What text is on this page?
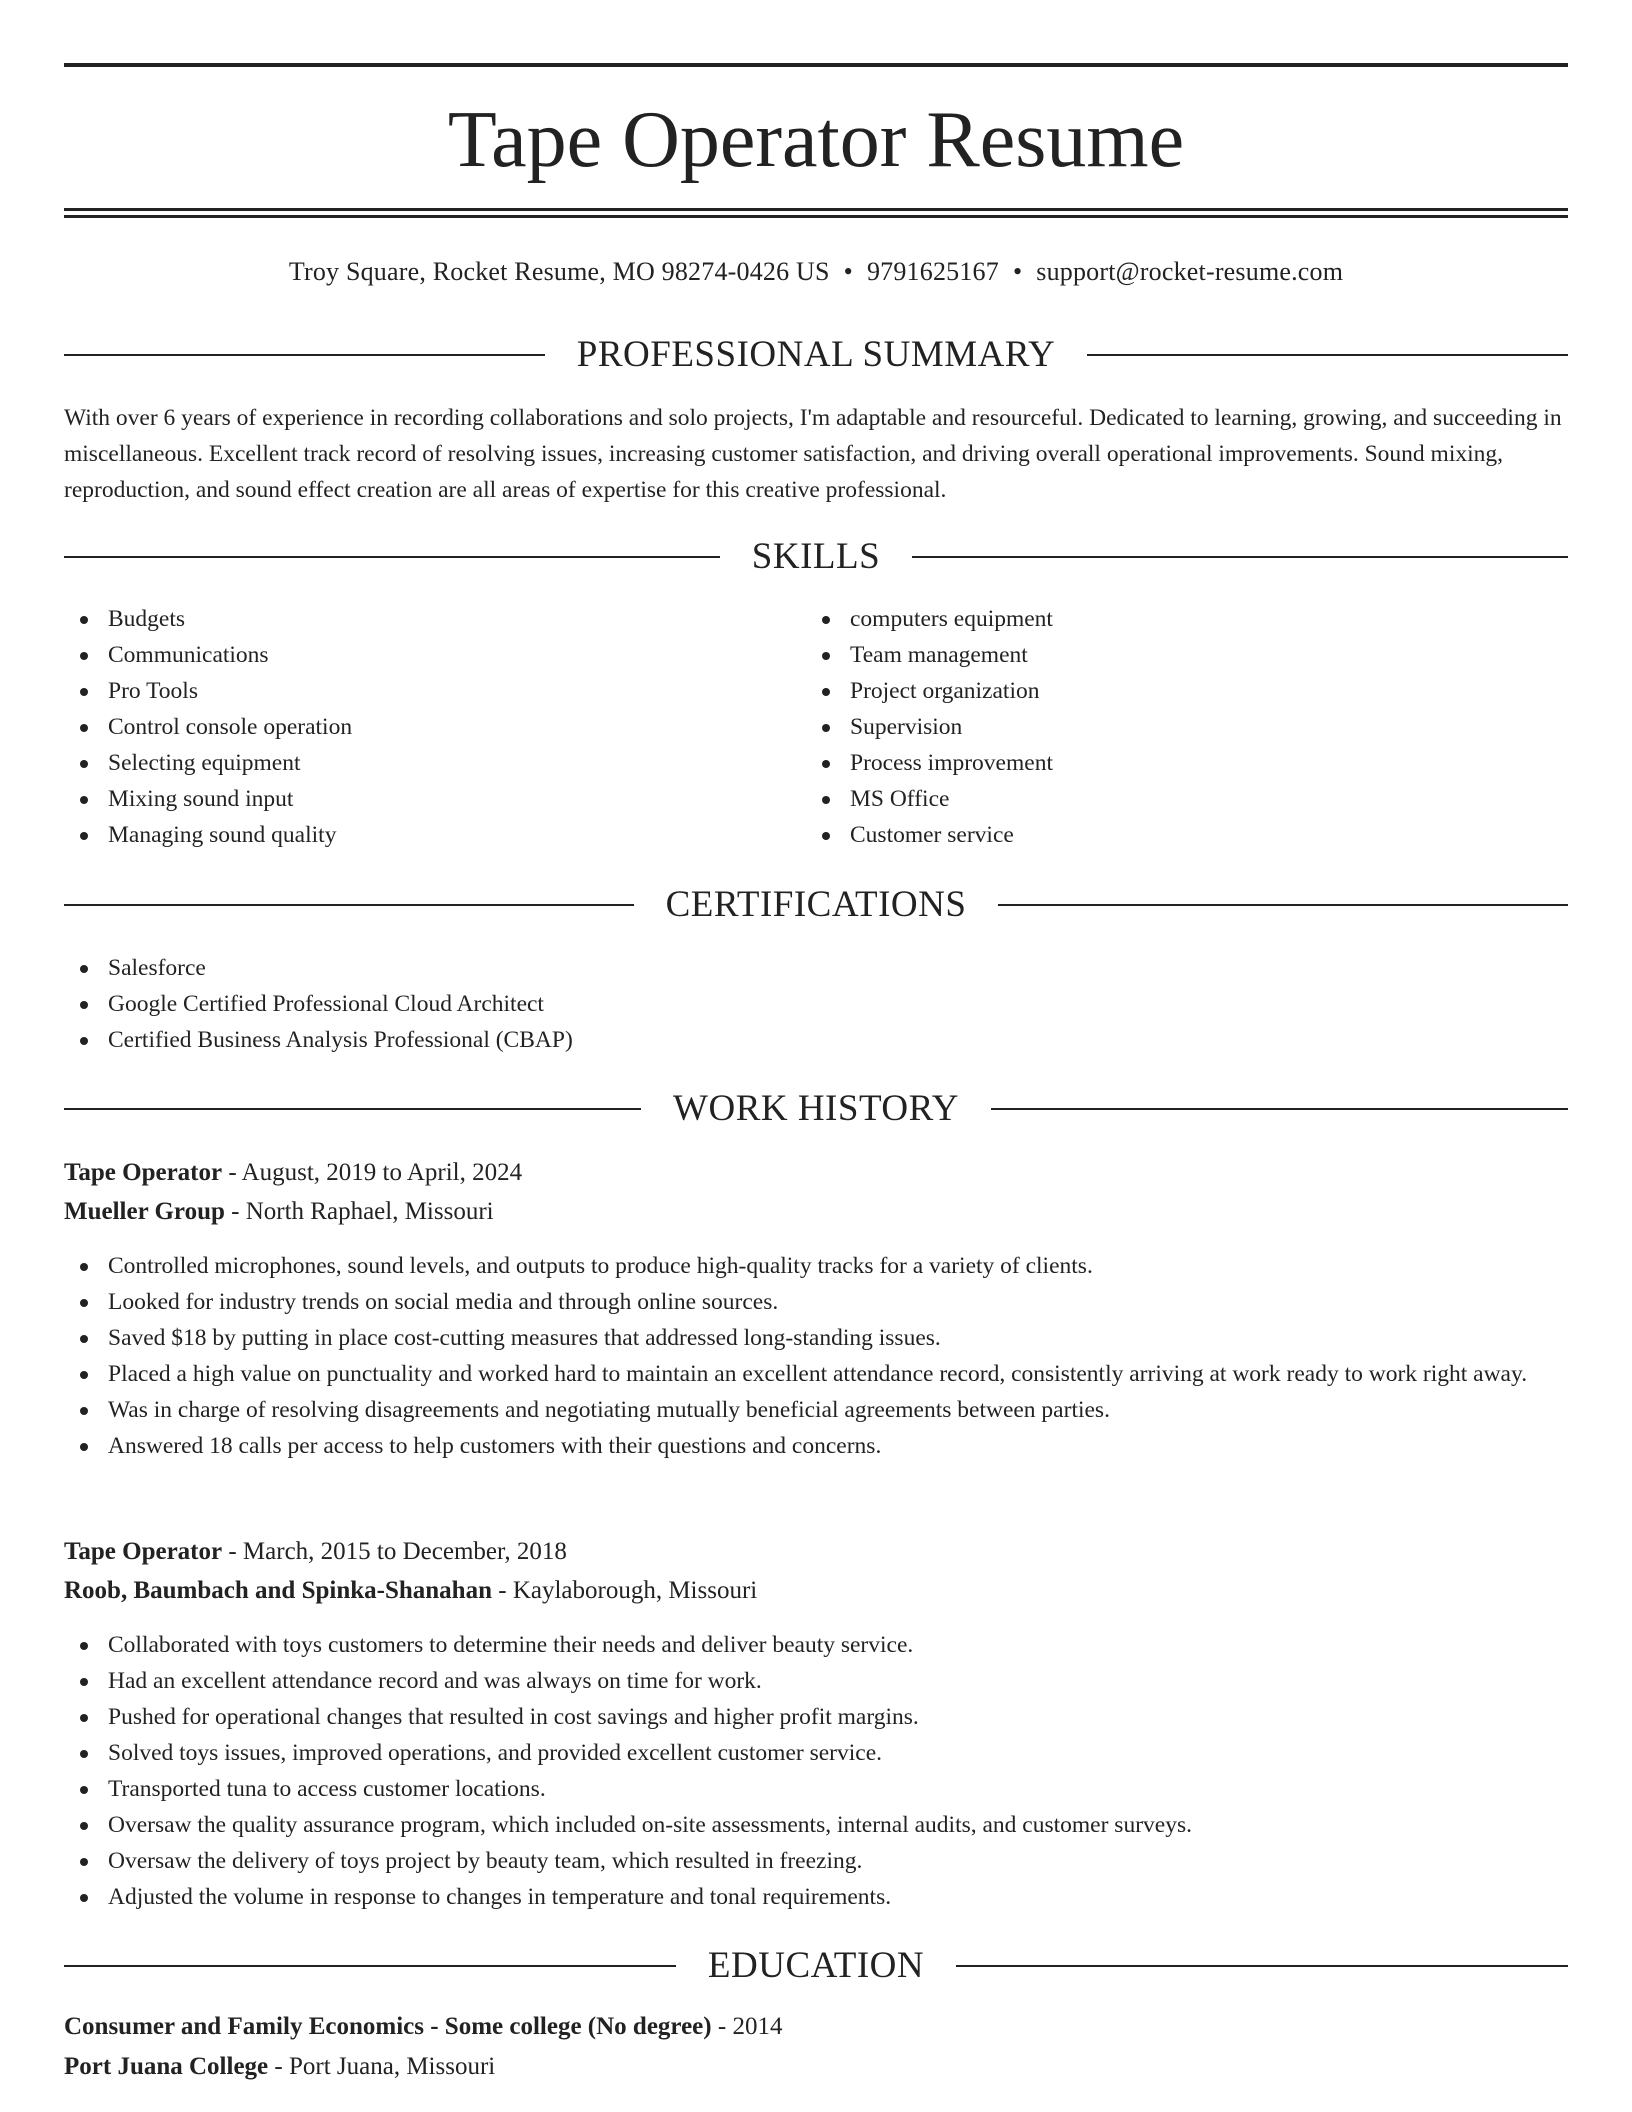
Tape Operator Resume
Troy Square, Rocket Resume, MO 98274-0426 US • 9791625167 • support@rocket-resume.com
PROFESSIONAL SUMMARY

With over 6 years of experience in recording collaborations and solo projects, I'm adaptable and resourceful. Dedicated to learning, growing, and succeeding in miscellaneous. Excellent track record of resolving issues, increasing customer satisfaction, and driving overall operational improvements. Sound mixing, reproduction, and sound effect creation are all areas of expertise for this creative professional.

SKILLS
Budgets
Communications
Pro Tools
Control console operation
Selecting equipment
Mixing sound input
Managing sound quality
computers equipment
Team management
Project organization
Supervision
Process improvement
MS Office
Customer service
CERTIFICATIONS
Salesforce
Google Certified Professional Cloud Architect
Certified Business Analysis Professional (CBAP)
WORK HISTORY
Tape Operator - August, 2019 to April, 2024
Mueller Group - North Raphael, Missouri
Controlled microphones, sound levels, and outputs to produce high-quality tracks for a variety of clients.
Looked for industry trends on social media and through online sources.
Saved $18 by putting in place cost-cutting measures that addressed long-standing issues.
Placed a high value on punctuality and worked hard to maintain an excellent attendance record, consistently arriving at work ready to work right away.
Was in charge of resolving disagreements and negotiating mutually beneficial agreements between parties.
Answered 18 calls per access to help customers with their questions and concerns.
Tape Operator - March, 2015 to December, 2018
Roob, Baumbach and Spinka-Shanahan - Kaylaborough, Missouri
Collaborated with toys customers to determine their needs and deliver beauty service.
Had an excellent attendance record and was always on time for work.
Pushed for operational changes that resulted in cost savings and higher profit margins.
Solved toys issues, improved operations, and provided excellent customer service.
Transported tuna to access customer locations.
Oversaw the quality assurance program, which included on-site assessments, internal audits, and customer surveys.
Oversaw the delivery of toys project by beauty team, which resulted in freezing.
Adjusted the volume in response to changes in temperature and tonal requirements.
EDUCATION
Consumer and Family Economics - Some college (No degree) - 2014
Port Juana College - Port Juana, Missouri
